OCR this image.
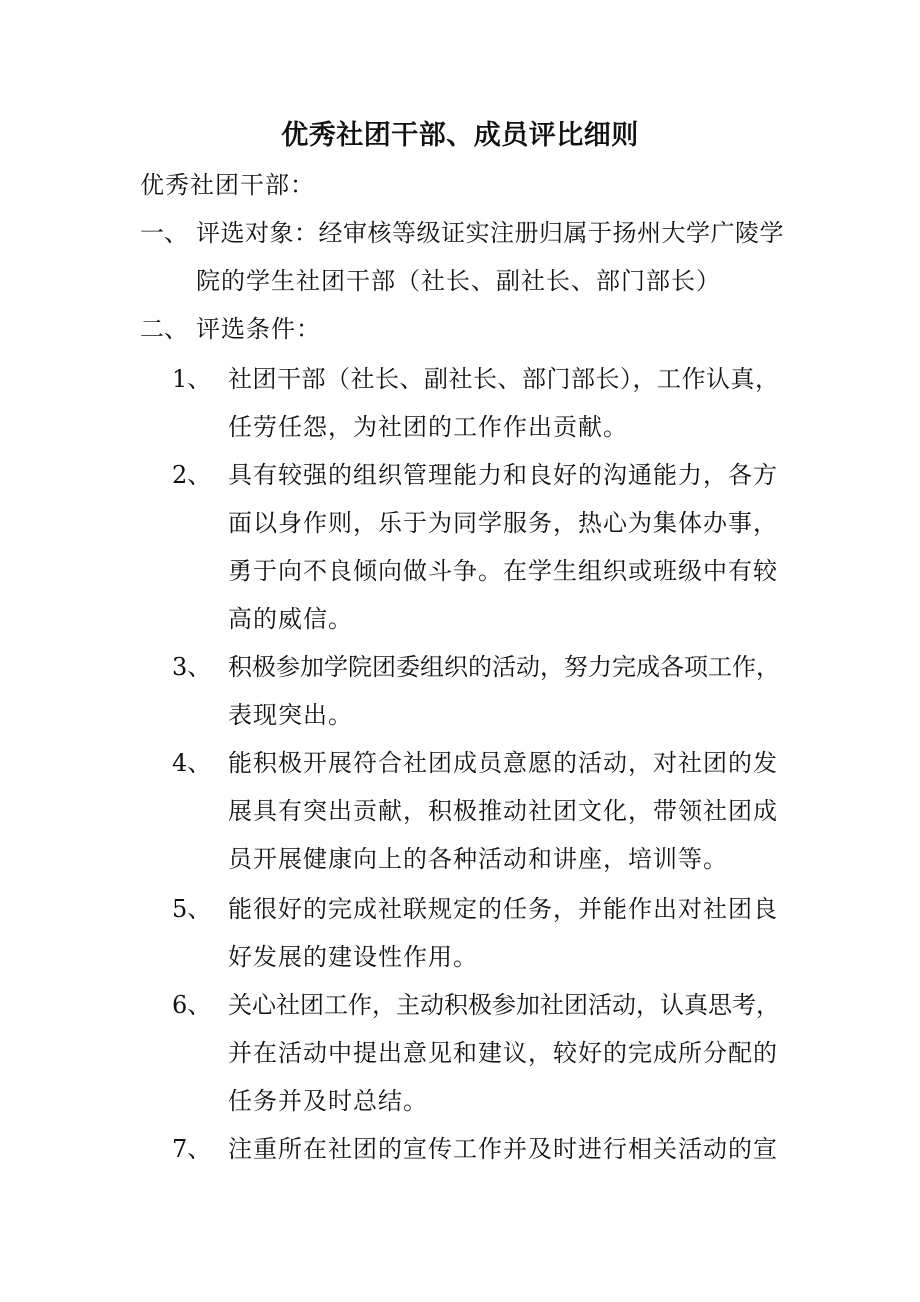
优秀社团干部、成员评比细则
优秀社团干部：
一、 评选对象：经审核等级证实注册归属于扬州大学广陵学
院的学生社团干部（社长、副社长、部门部长）
二、 评选条件：
1、 社团干部（社长、副社长、部门部长），工作认真，
任劳任怨，为社团的工作作出贡献。
2、 具有较强的组织管理能力和良好的沟通能力，各方
面以身作则，乐于为同学服务，热心为集体办事，
勇于向不良倾向做斗争。在学生组织或班级中有较
高的威信。
3、 积极参加学院团委组织的活动，努力完成各项工作，
表现突出。
4、 能积极开展符合社团成员意愿的活动，对社团的发
展具有突出贡献，积极推动社团文化，带领社团成
员开展健康向上的各种活动和讲座，培训等。
5、 能很好的完成社联规定的任务，并能作出对社团良
好发展的建设性作用。
6、 关心社团工作，主动积极参加社团活动，认真思考，
并在活动中提出意见和建议，较好的完成所分配的
任务并及时总结。
7、 注重所在社团的宣传工作并及时进行相关活动的宣
